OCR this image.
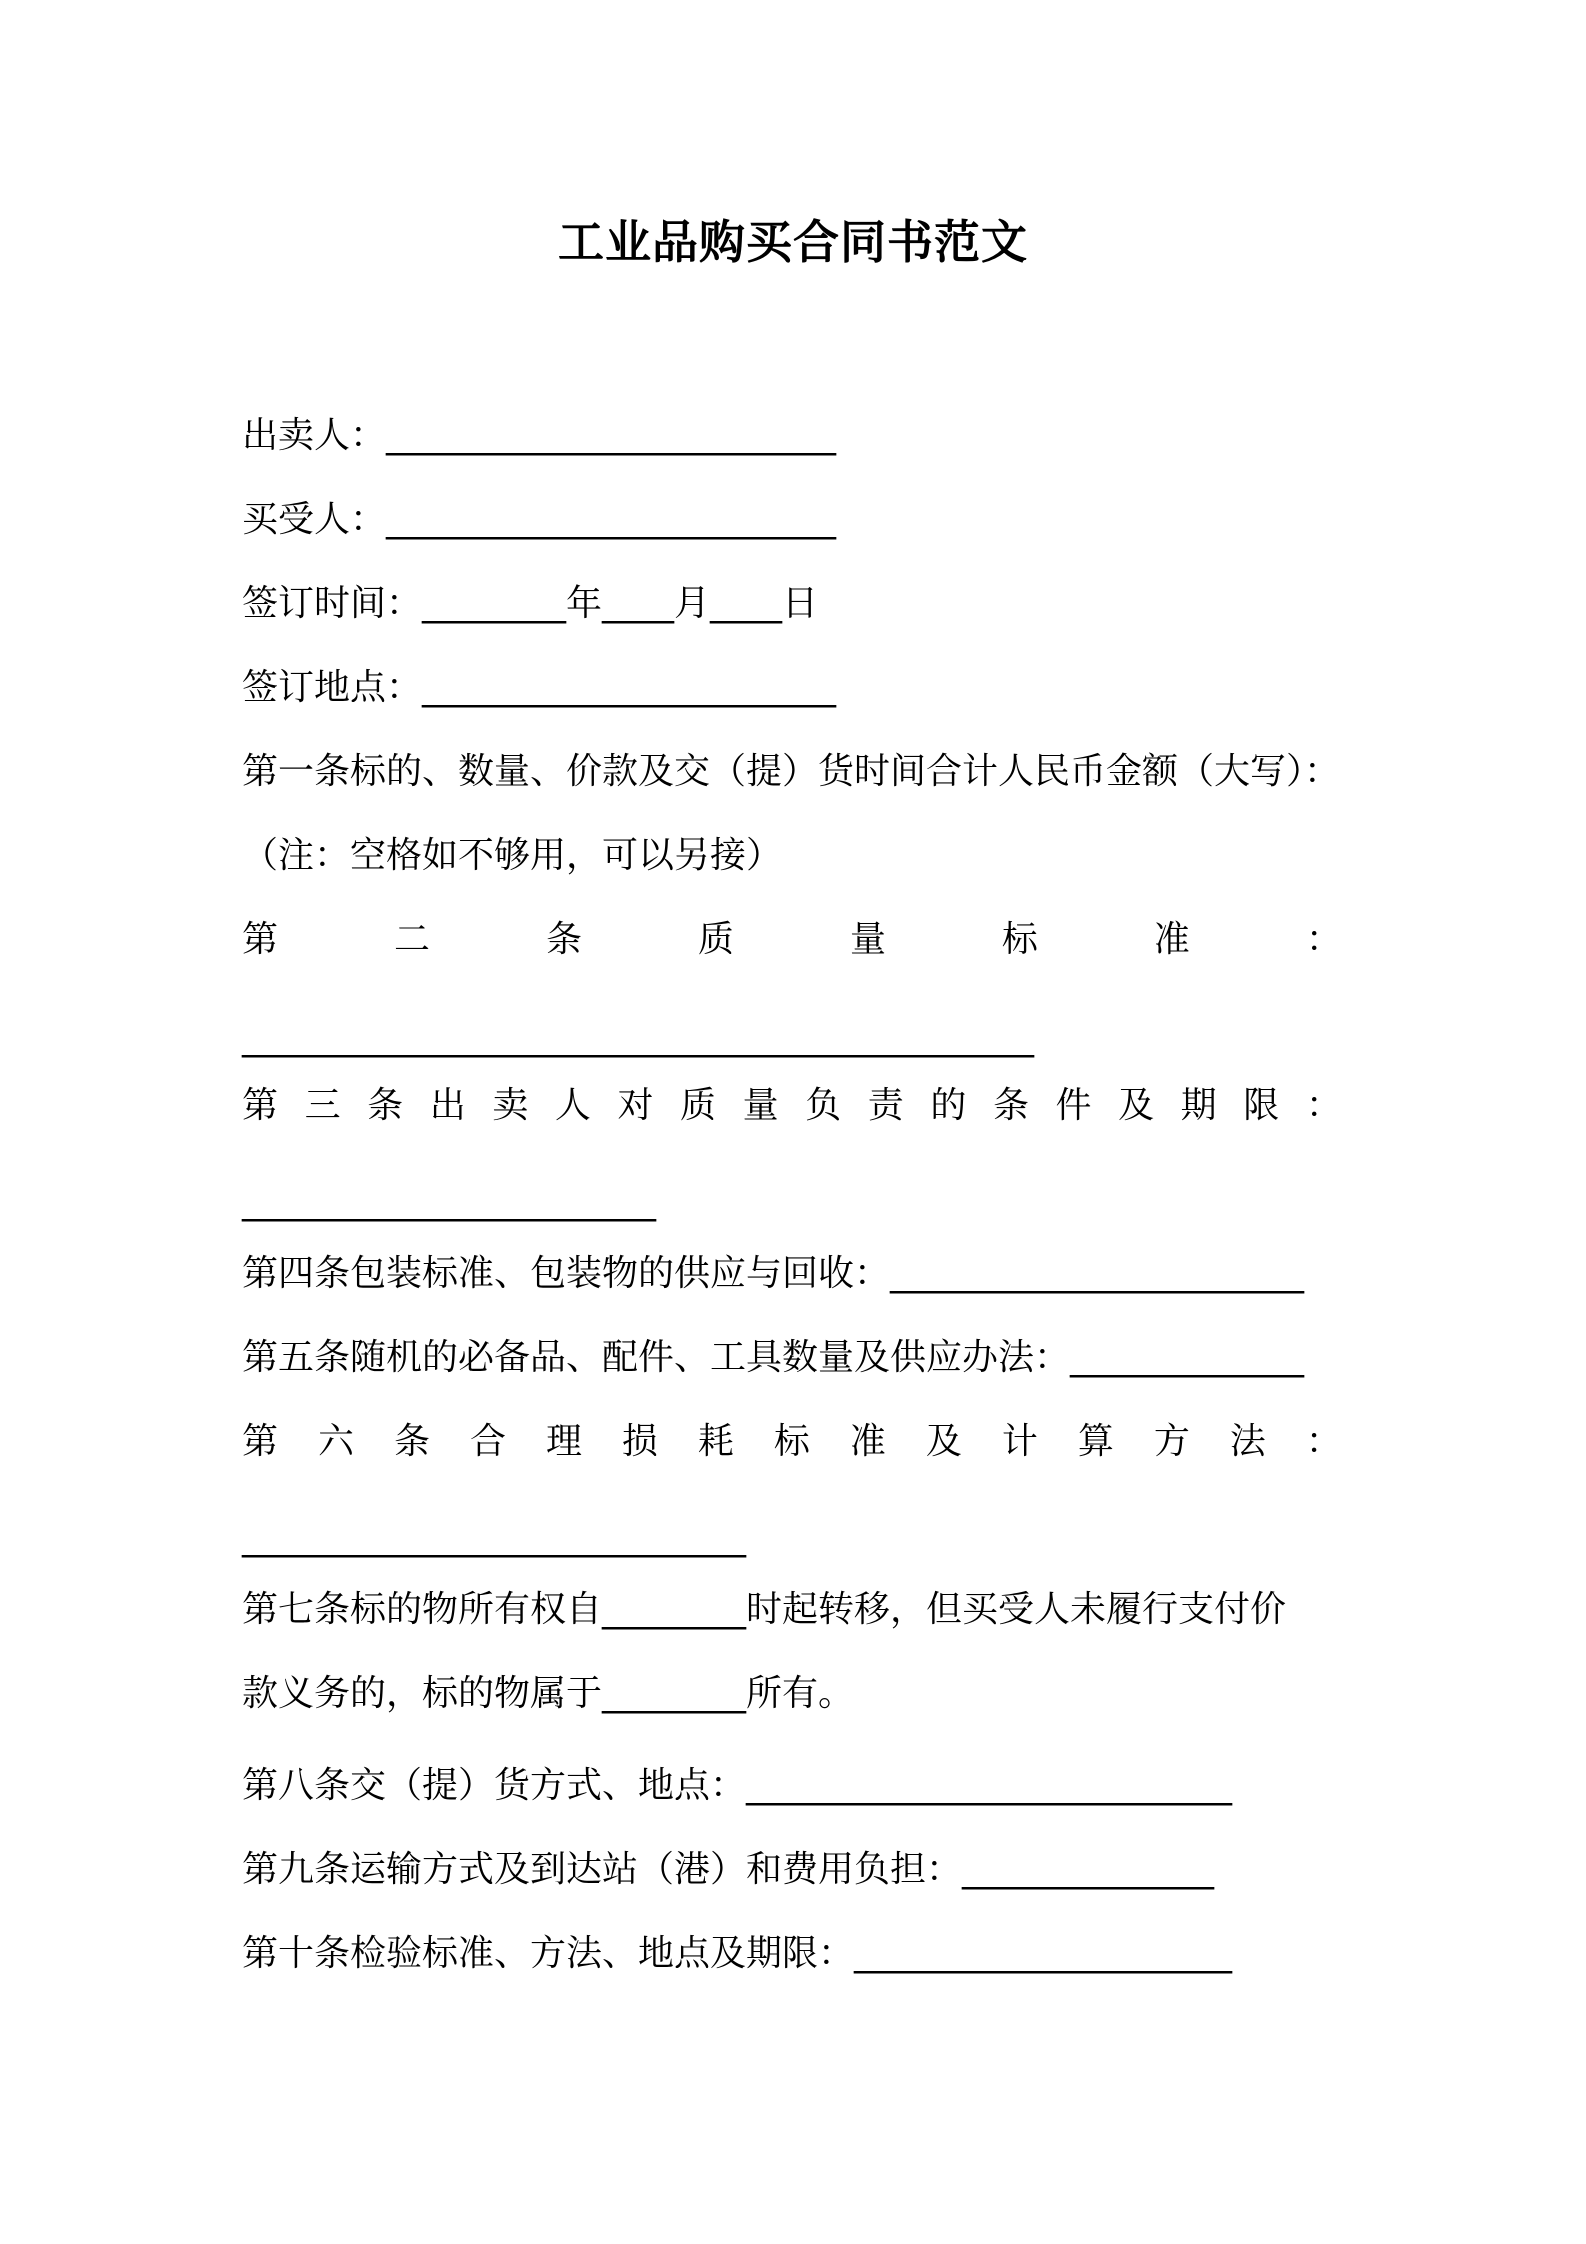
工业品购买合同书范文
出卖人：_________________________
买受人：_________________________
签订时间：________年____月____日
签订地点：_______________________
第一条标的、数量、价款及交（提）货时间合计人民币金额（大写）：
（注：空格如不够用，可以另接）
第	二	条	质	量	标	准	：
____________________________________________
第 三 条 出 卖 人 对 质 量 负 责 的 条 件 及 期 限 ：
_______________________
第四条包装标准、包装物的供应与回收：_______________________
第五条随机的必备品、配件、工具数量及供应办法：_____________
第 六 条 合 理 损 耗 标 准 及 计 算 方 法 ：
____________________________
第七条标的物所有权自________时起转移，但买受人未履行支付价
款义务的，标的物属于________所有。
第八条交（提）货方式、地点：___________________________
第九条运输方式及到达站（港）和费用负担：______________
第十条检验标准、方法、地点及期限：_____________________
